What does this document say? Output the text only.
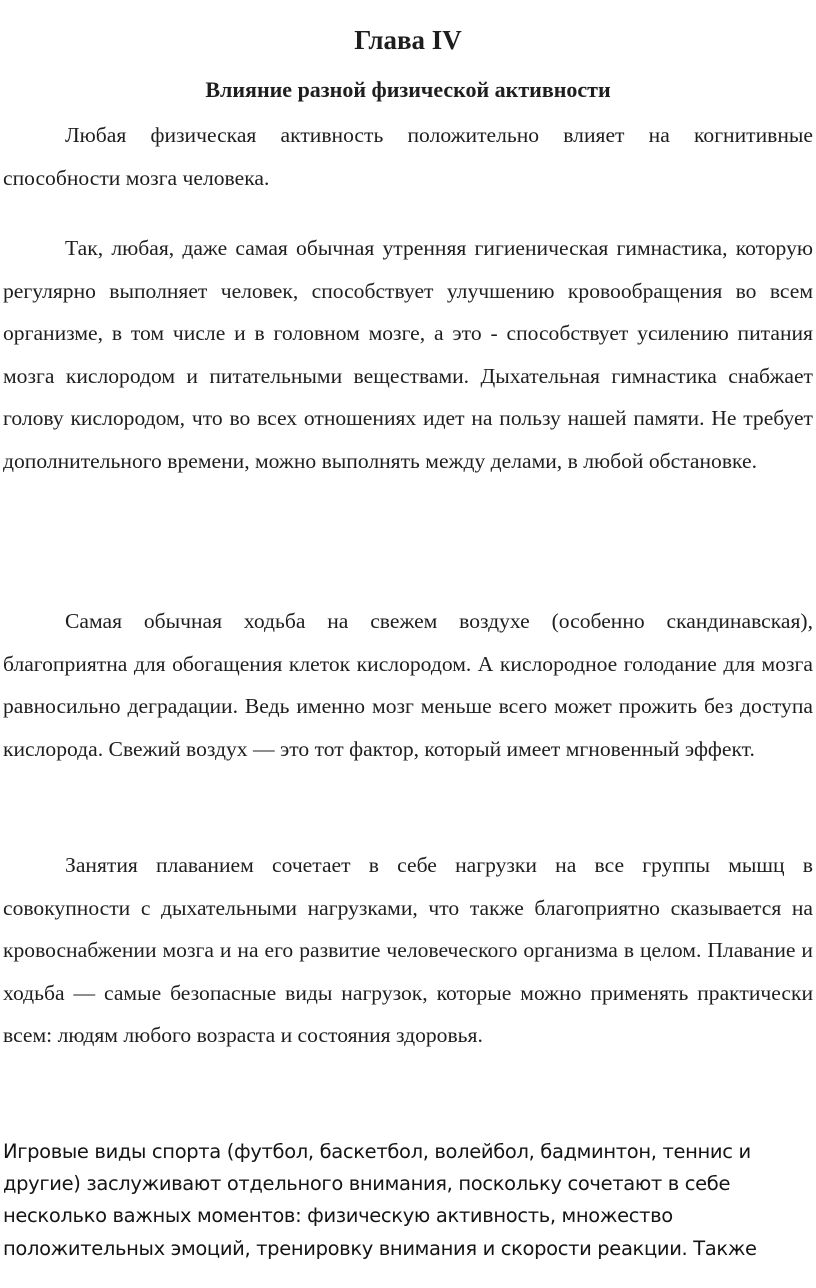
Глава IV
Влияние разной физической активности

Любая физическая активность положительно влияет на когнитивные способности мозга человека.

Так, любая, даже самая обычная утренняя гигиеническая гимнастика, которую регулярно выполняет человек, способствует улучшению кровообращения во всем организме, в том числе и в головном мозге, а это - способствует усилению питания мозга кислородом и питательными веществами. Дыхательная гимнастика снабжает голову кислородом, что во всех отношениях идет на пользу нашей памяти. Не требует дополнительного времени, можно выполнять между делами, в любой обстановке.

Самая обычная ходьба на свежем воздухе (особенно скандинавская), благоприятна для обогащения клеток кислородом. А кислородное голодание для мозга равносильно деградации. Ведь именно мозг меньше всего может прожить без доступа кислорода. Свежий воздух — это тот фактор, который имеет мгновенный эффект.

Занятия плаванием сочетает в себе нагрузки на все группы мышц в совокупности с дыхательными нагрузками, что также благоприятно сказывается на кровоснабжении мозга и на его развитие человеческого организма в целом. Плавание и ходьба — самые безопасные виды нагрузок, которые можно применять практически всем: людям любого возраста и состояния здоровья.

Игровые виды спорта (футбол, баскетбол, волейбол, бадминтон, теннис и другие) заслуживают отдельного внимания, поскольку сочетают в себе несколько важных моментов: физическую активность, множество положительных эмоций, тренировку внимания и скорости реакции. Также
